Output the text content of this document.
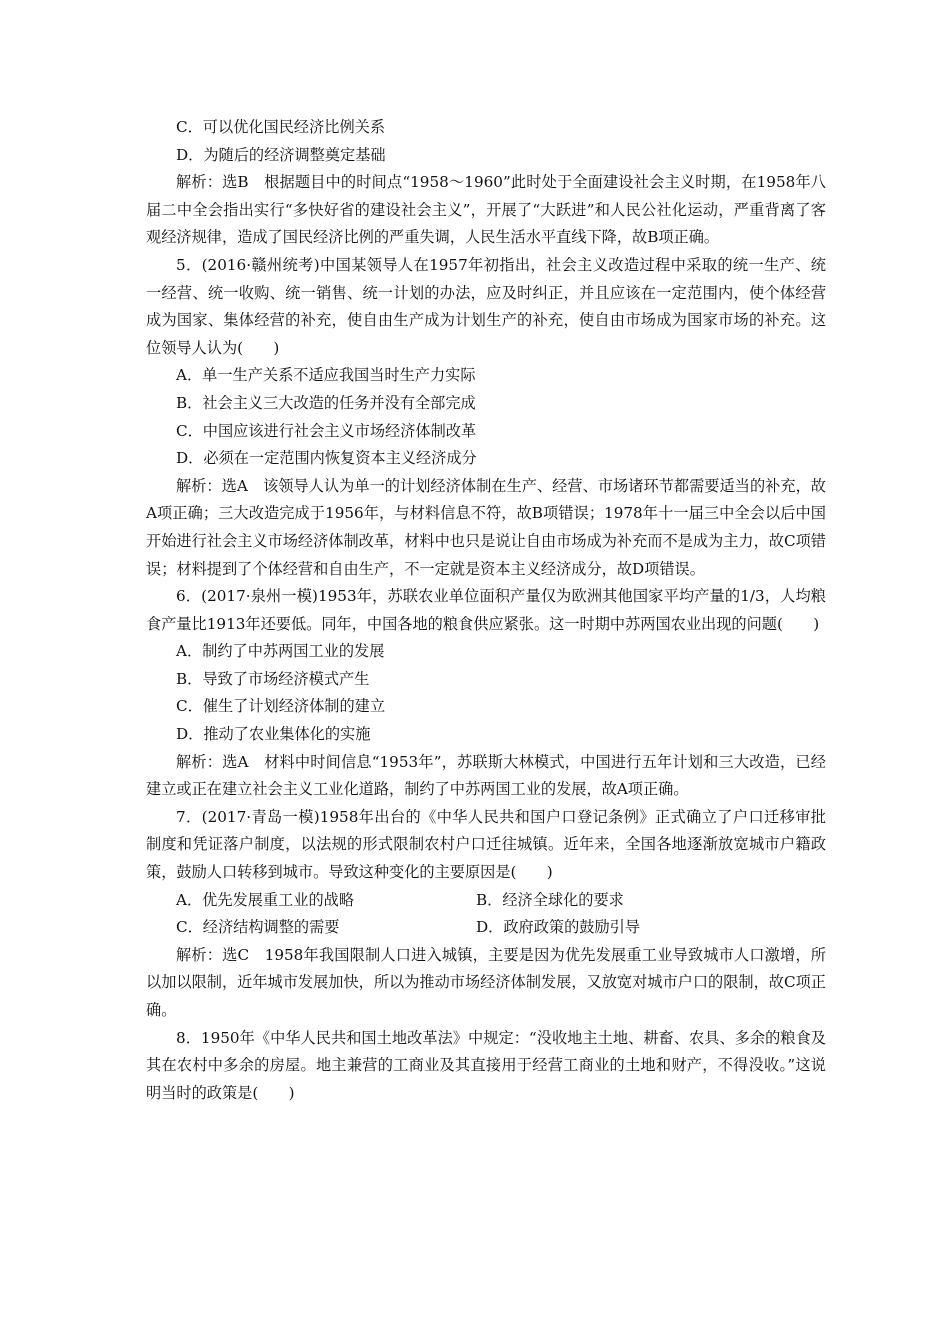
C．可以优化国民经济比例关系

D．为随后的经济调整奠定基础

解析：选B　根据题目中的时间点“1958～1960”此时处于全面建设社会主义时期，在1958年八届二中全会指出实行“多快好省的建设社会主义”，开展了“大跃进”和人民公社化运动，严重背离了客观经济规律，造成了国民经济比例的严重失调，人民生活水平直线下降，故B项正确。

5．(2016·赣州统考)中国某领导人在1957年初指出，社会主义改造过程中采取的统一生产、统一经营、统一收购、统一销售、统一计划的办法，应及时纠正，并且应该在一定范围内，使个体经营成为国家、集体经营的补充，使自由生产成为计划生产的补充，使自由市场成为国家市场的补充。这位领导人认为(　　)

A．单一生产关系不适应我国当时生产力实际

B．社会主义三大改造的任务并没有全部完成

C．中国应该进行社会主义市场经济体制改革

D．必须在一定范围内恢复资本主义经济成分

解析：选A　该领导人认为单一的计划经济体制在生产、经营、市场诸环节都需要适当的补充，故A项正确；三大改造完成于1956年，与材料信息不符，故B项错误；1978年十一届三中全会以后中国开始进行社会主义市场经济体制改革，材料中也只是说让自由市场成为补充而不是成为主力，故C项错误；材料提到了个体经营和自由生产，不一定就是资本主义经济成分，故D项错误。

6．(2017·泉州一模)1953年，苏联农业单位面积产量仅为欧洲其他国家平均产量的1/3，人均粮食产量比1913年还要低。同年，中国各地的粮食供应紧张。这一时期中苏两国农业出现的问题(　　)

A．制约了中苏两国工业的发展

B．导致了市场经济模式产生

C．催生了计划经济体制的建立

D．推动了农业集体化的实施

解析：选A　材料中时间信息“1953年”，苏联斯大林模式，中国进行五年计划和三大改造，已经建立或正在建立社会主义工业化道路，制约了中苏两国工业的发展，故A项正确。

7．(2017·青岛一模)1958年出台的《中华人民共和国户口登记条例》正式确立了户口迁移审批制度和凭证落户制度，以法规的形式限制农村户口迁往城镇。近年来，全国各地逐渐放宽城市户籍政策，鼓励人口转移到城市。导致这种变化的主要原因是(　　)

A．优先发展重工业的战略	B．经济全球化的要求
C．经济结构调整的需要	D．政府政策的鼓励引导

解析：选C　1958年我国限制人口进入城镇，主要是因为优先发展重工业导致城市人口激增，所以加以限制，近年城市发展加快，所以为推动市场经济体制发展，又放宽对城市户口的限制，故C项正确。

8．1950年《中华人民共和国土地改革法》中规定：“没收地主土地、耕畜、农具、多余的粮食及其在农村中多余的房屋。地主兼营的工商业及其直接用于经营工商业的土地和财产，不得没收。”这说明当时的政策是(　　)
